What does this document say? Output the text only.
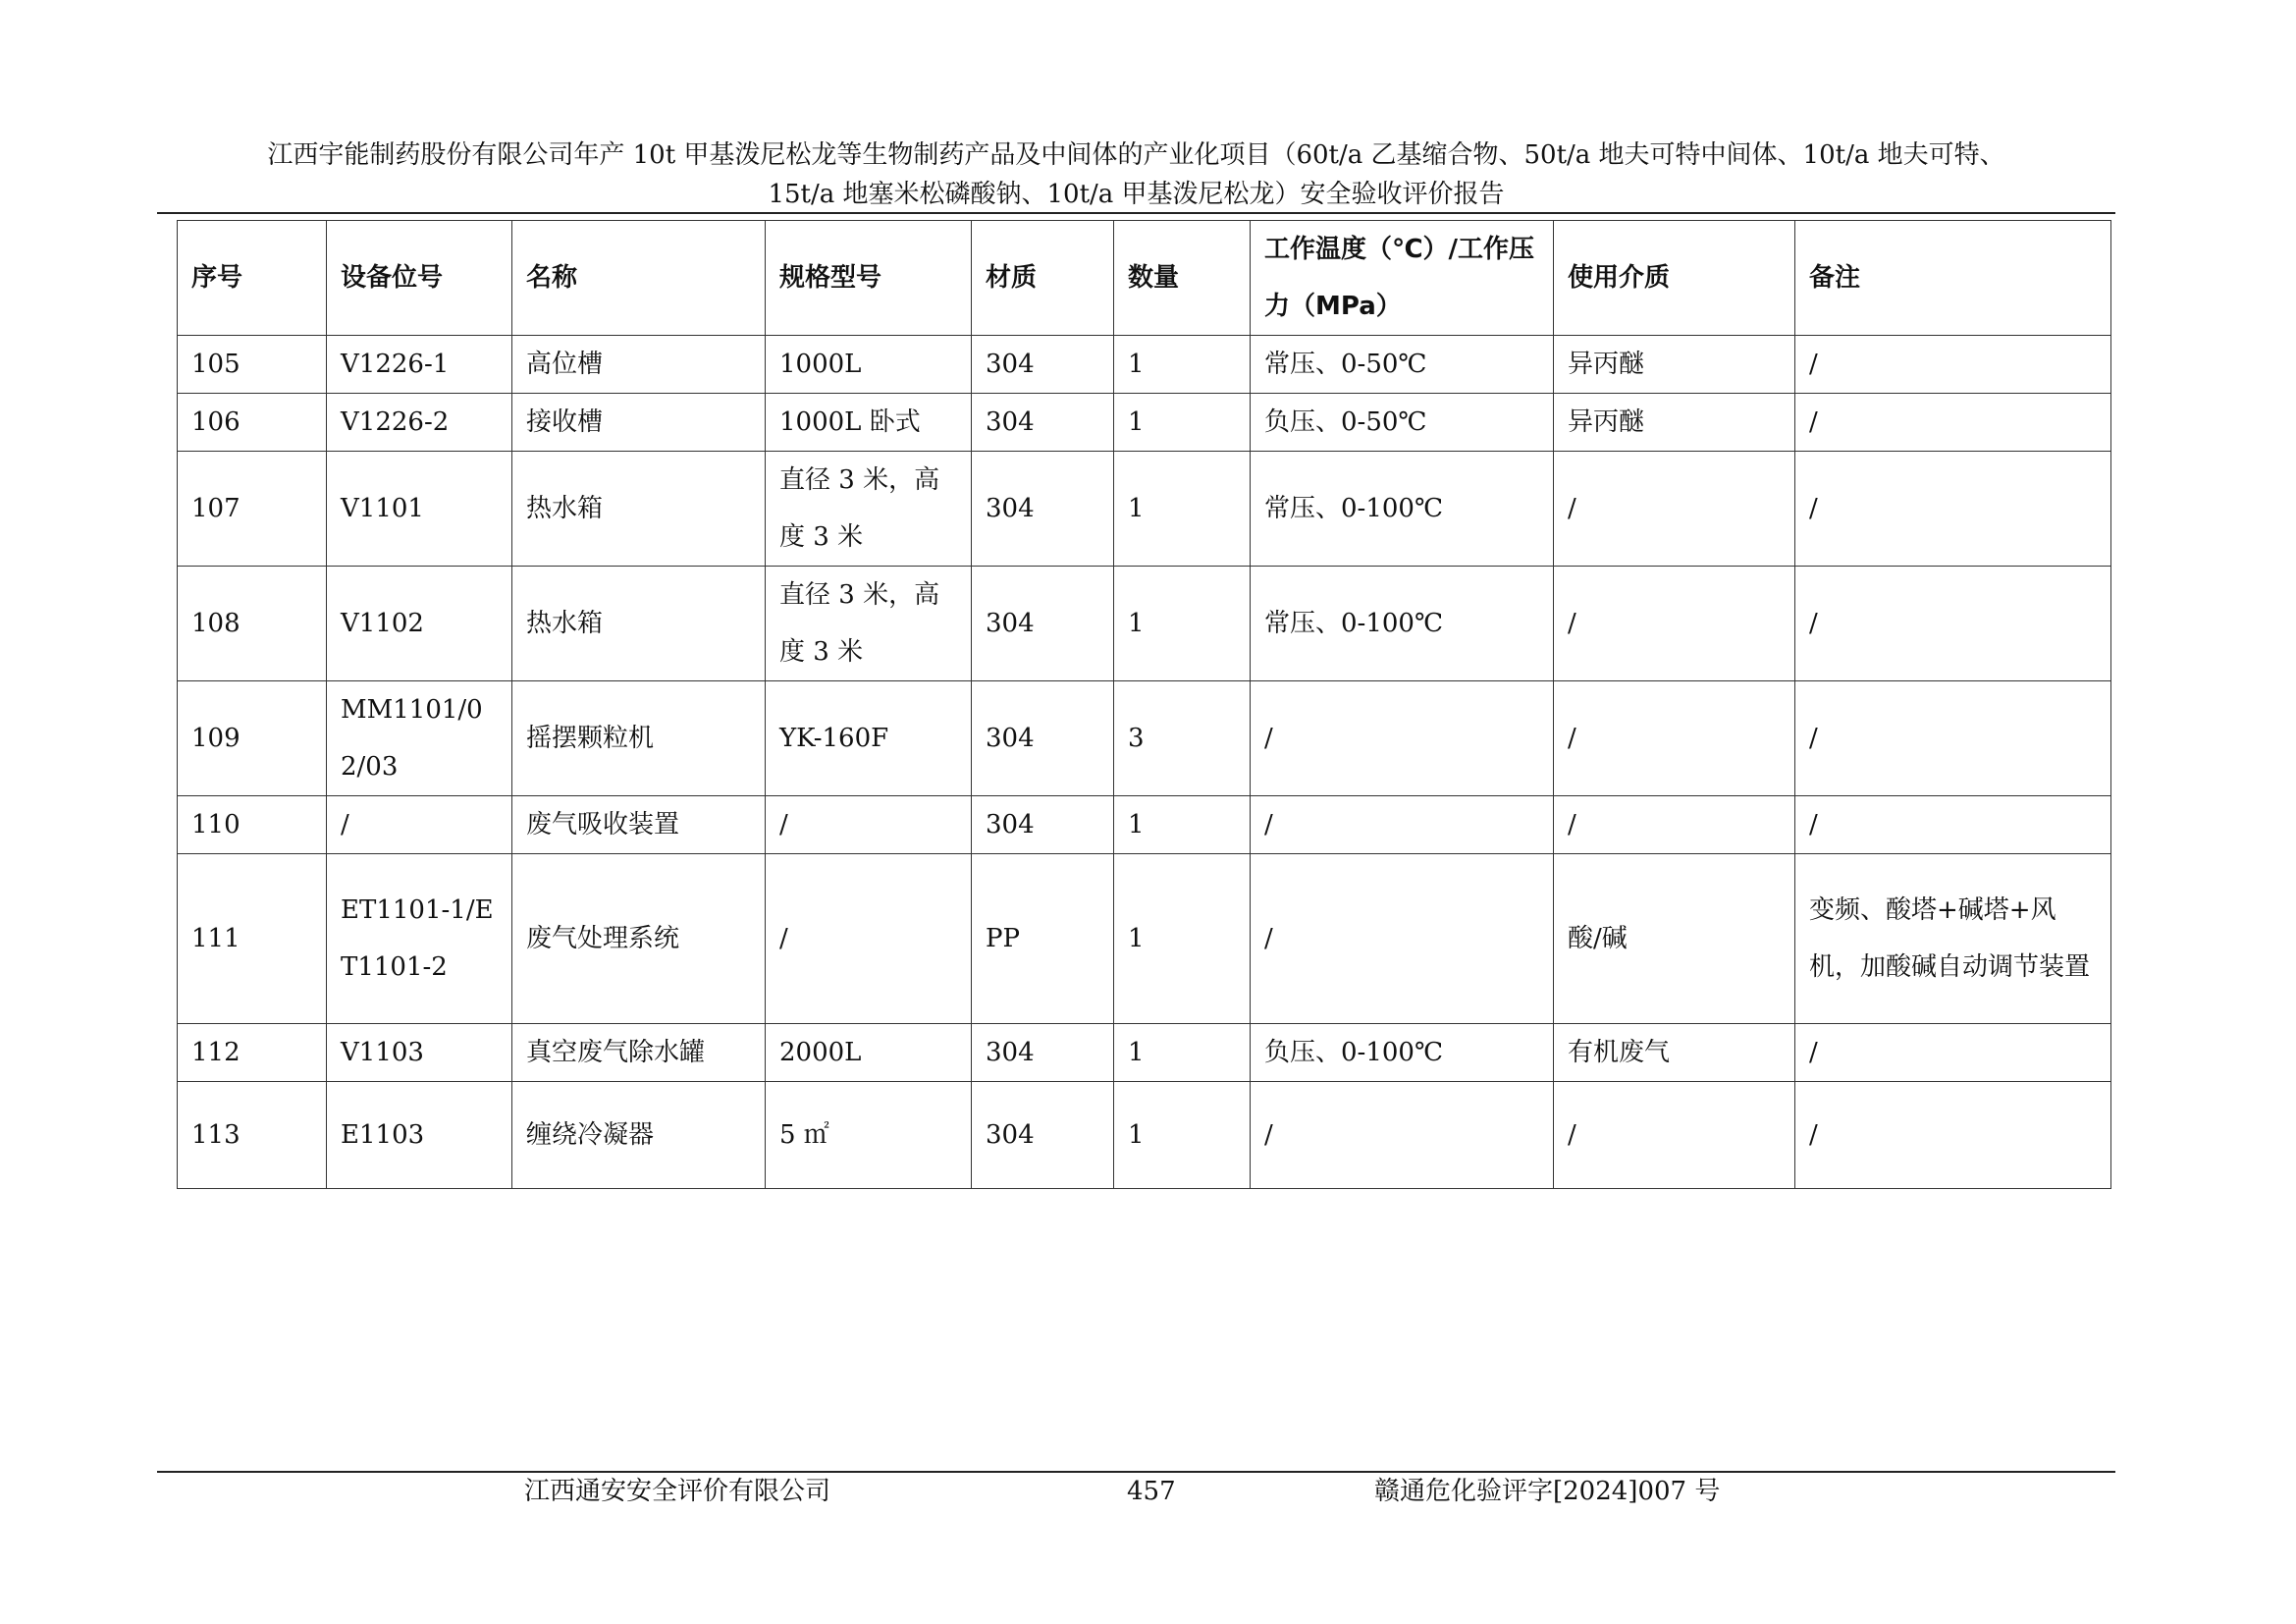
江西宇能制药股份有限公司年产 10t 甲基泼尼松龙等生物制药产品及中间体的产业化项目（60t/a 乙基缩合物、50t/a 地夫可特中间体、10t/a 地夫可特、
15t/a 地塞米松磷酸钠、10t/a 甲基泼尼松龙）安全验收评价报告
序号	设备位号	名称	规格型号	材质	数量	工作温度（℃）/工作压力（MPa）	使用介质	备注
105	V1226-1	高位槽	1000L	304	1	常压、0-50℃	异丙醚	/
106	V1226-2	接收槽	1000L 卧式	304	1	负压、0-50℃	异丙醚	/
107	V1101	热水箱	直径 3 米，高度 3 米	304	1	常压、0-100℃	/	/
108	V1102	热水箱	直径 3 米，高度 3 米	304	1	常压、0-100℃	/	/
109	MM1101/02/03	摇摆颗粒机	YK-160F	304	3	/	/	/
110	/	废气吸收装置	/	304	1	/	/	/
111	ET1101-1/ET1101-2	废气处理系统	/	PP	1	/	酸/碱	变频、酸塔+碱塔+风机，加酸碱自动调节装置
112	V1103	真空废气除水罐	2000L	304	1	负压、0-100℃	有机废气	/
113	E1103	缠绕冷凝器	5 ㎡	304	1	/	/	/
江西通安安全评价有限公司	457	赣通危化验评字[2024]007 号
